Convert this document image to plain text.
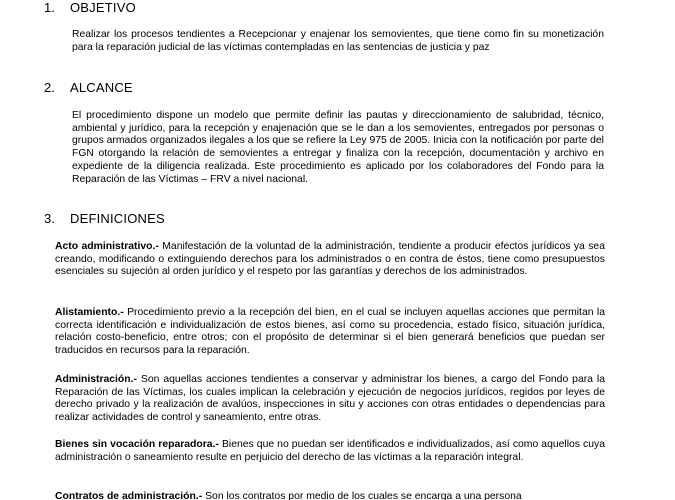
1. OBJETIVO
Realizar los procesos tendientes a Recepcionar y enajenar los semovientes, que tiene como fin su monetización para la reparación judicial de las víctimas contempladas en las sentencias de justicia y paz
2. ALCANCE
El procedimiento dispone un modelo que permite definir las pautas y direccionamiento de salubridad, técnico, ambiental y jurídico, para la recepción y enajenación que se le dan a los semovientes, entregados por personas o grupos armados organizados ilegales a los que se refiere la Ley 975 de 2005. Inicia con la notificación por parte del FGN otorgando la relación de semovientes a entregar y finaliza con la recepción, documentación y archivo en expediente de la diligencia realizada. Este procedimiento es aplicado por los colaboradores del Fondo para la Reparación de las Víctimas – FRV a nivel nacional.
3. DEFINICIONES
Acto administrativo.- Manifestación de la voluntad de la administración, tendiente a producir efectos jurídicos ya sea creando, modificando o extinguiendo derechos para los administrados o en contra de éstos, tiene como presupuestos esenciales su sujeción al orden jurídico y el respeto por las garantías y derechos de los administrados.
Alistamiento.- Procedimiento previo a la recepción del bien, en el cual se incluyen aquellas acciones que permitan la correcta identificación e individualización de estos bienes, así como su procedencia, estado físico, situación jurídica, relación costo-beneficio, entre otros; con el propósito de determinar si el bien generará beneficios que puedan ser traducidos en recursos para la reparación.
Administración.- Son aquellas acciones tendientes a conservar y administrar los bienes, a cargo del Fondo para la Reparación de las Víctimas, los cuales implican la celebración y ejecución de negocios jurídicos, regidos por leyes de derecho privado y la realización de avalúos, inspecciones in situ y acciones con otras entidades o dependencias para realizar actividades de control y saneamiento, entre otras.
Bienes sin vocación reparadora.- Bienes que no puedan ser identificados e individualizados, así como aquellos cuya administración o saneamiento resulte en perjuicio del derecho de las víctimas a la reparación integral.
Contratos de administración.- Son los contratos por medio de los cuales se encarga a una persona
